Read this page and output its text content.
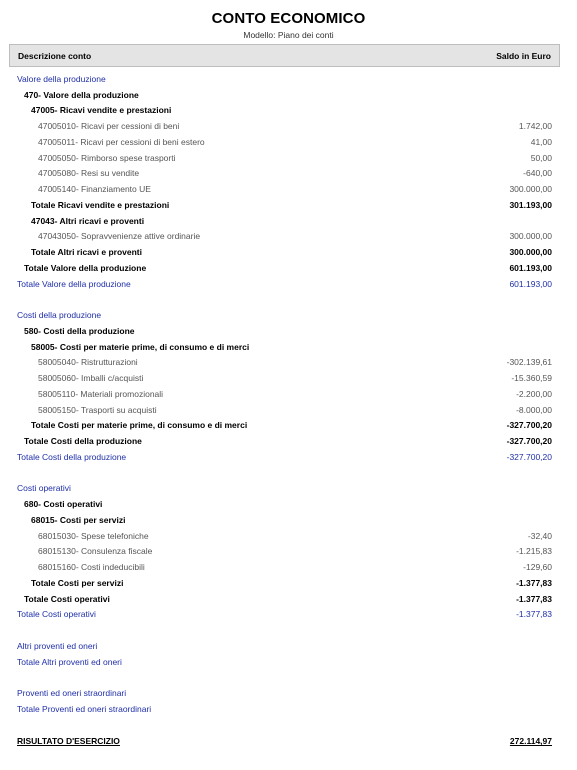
CONTO ECONOMICO
Modello: Piano dei conti
Descrizione conto	Saldo in Euro
Valore della produzione
470- Valore della produzione
47005- Ricavi vendite e prestazioni
47005010- Ricavi per cessioni di beni	1.742,00
47005011- Ricavi per cessioni di beni estero	41,00
47005050- Rimborso spese trasporti	50,00
47005080- Resi su vendite	-640,00
47005140- Finanziamento UE	300.000,00
Totale Ricavi vendite e prestazioni	301.193,00
47043- Altri ricavi e proventi
47043050- Sopravvenienze attive ordinarie	300.000,00
Totale Altri ricavi e proventi	300.000,00
Totale Valore della produzione	601.193,00
Totale Valore della produzione	601.193,00
Costi della produzione
580- Costi della produzione
58005- Costi per materie prime, di consumo e di merci
58005040- Ristrutturazioni	-302.139,61
58005060- Imballi c/acquisti	-15.360,59
58005110- Materiali promozionali	-2.200,00
58005150- Trasporti su acquisti	-8.000,00
Totale Costi per materie prime, di consumo e di merci	-327.700,20
Totale Costi della produzione	-327.700,20
Totale Costi della produzione	-327.700,20
Costi operativi
680- Costi operativi
68015- Costi per servizi
68015030- Spese telefoniche	-32,40
68015130- Consulenza fiscale	-1.215,83
68015160- Costi indeducibili	-129,60
Totale Costi per servizi	-1.377,83
Totale Costi operativi	-1.377,83
Totale Costi operativi	-1.377,83
Altri proventi ed oneri
Totale Altri proventi ed oneri
Proventi ed oneri straordinari
Totale Proventi ed oneri straordinari
RISULTATO D'ESERCIZIO	272.114,97
